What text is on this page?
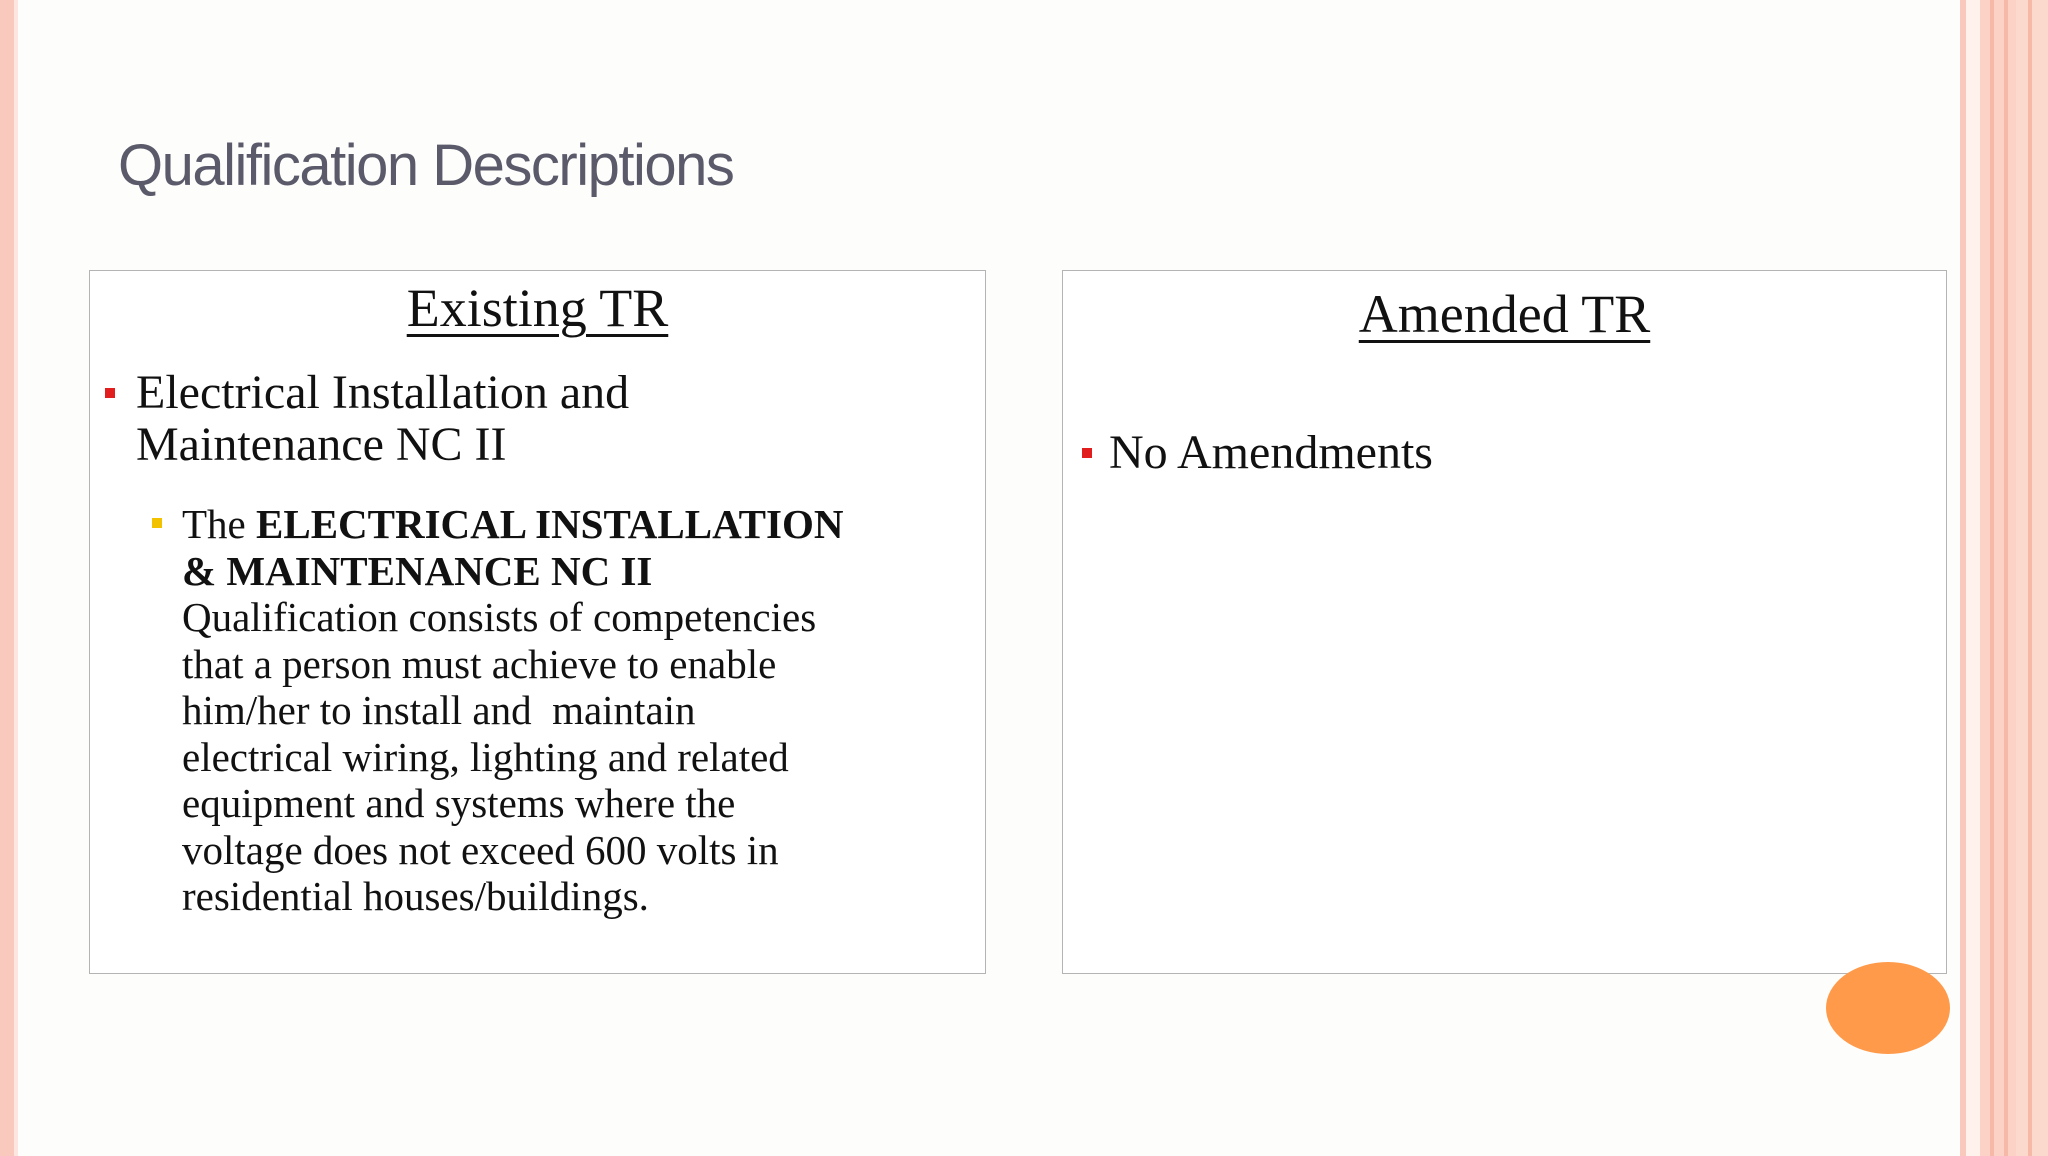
Qualification Descriptions
Existing TR
Electrical Installation and
Maintenance NC II
The ELECTRICAL INSTALLATION
& MAINTENANCE NC II
Qualification consists of competencies
that a person must achieve to enable
him/her to install and  maintain
electrical wiring, lighting and related
equipment and systems where the
voltage does not exceed 600 volts in
residential houses/buildings.
Amended TR
No Amendments
